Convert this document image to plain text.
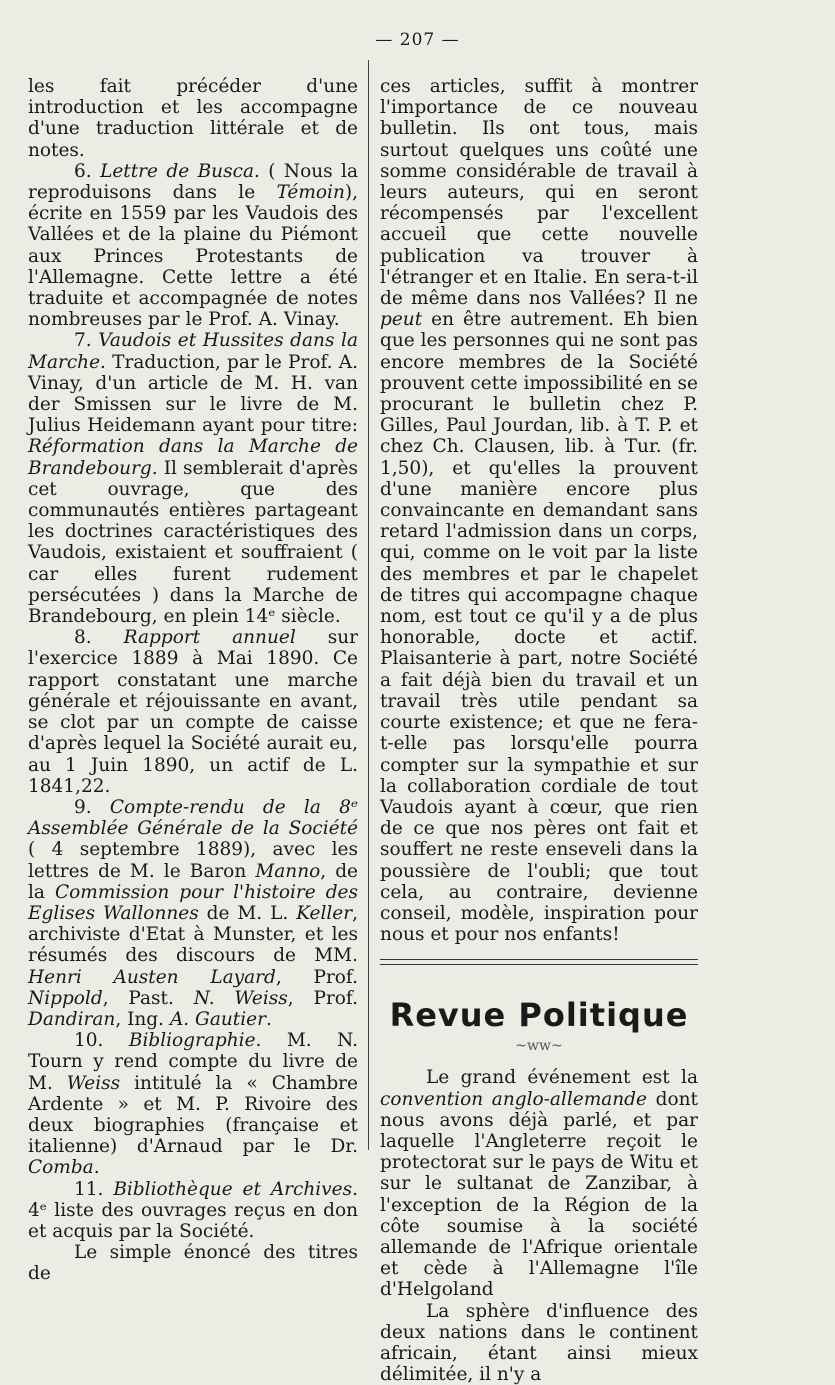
— 207 —

les fait précéder d'une introduction et les accompagne d'une traduction littérale et de notes.

6. Lettre de Busca. ( Nous la reproduisons dans le Témoin), écrite en 1559 par les Vaudois des Vallées et de la plaine du Piémont aux Princes Protestants de l'Allemagne. Cette lettre a été traduite et accompagnée de notes nombreuses par le Prof. A. Vinay.

7. Vaudois et Hussites dans la Marche. Traduction, par le Prof. A. Vinay, d'un article de M. H. van der Smissen sur le livre de M. Julius Heidemann ayant pour titre: Réformation dans la Marche de Brandebourg. Il semblerait d'après cet ouvrage, que des communautés entières partageant les doctrines caractéristiques des Vaudois, existaient et souffraient ( car elles furent rudement persécutées ) dans la Marche de Brandebourg, en plein 14ᵉ siècle.

8. Rapport annuel sur l'exercice 1889 à Mai 1890. Ce rapport constatant une marche générale et réjouissante en avant, se clot par un compte de caisse d'après lequel la Société aurait eu, au 1 Juin 1890, un actif de L. 1841,22.

9. Compte-rendu de la 8ᵉ Assemblée Générale de la Société ( 4 septembre 1889), avec les lettres de M. le Baron Manno, de la Commission pour l'histoire des Eglises Wallonnes de M. L. Keller, archiviste d'Etat à Munster, et les résumés des discours de MM. Henri Austen Layard, Prof. Nippold, Past. N. Weiss, Prof. Dandiran, Ing. A. Gautier.

10. Bibliographie. M. N. Tourn y rend compte du livre de M. Weiss intitulé la « Chambre Ardente » et M. P. Rivoire des deux biographies (française et italienne) d'Arnaud par le Dr. Comba.

11. Bibliothèque et Archives. 4ᵉ liste des ouvrages reçus en don et acquis par la Société.

Le simple énoncé des titres de

ces articles, suffit à montrer l'importance de ce nouveau bulletin. Ils ont tous, mais surtout quelques uns coûté une somme considérable de travail à leurs auteurs, qui en seront récompensés par l'excellent accueil que cette nouvelle publication va trouver à l'étranger et en Italie. En sera-t-il de même dans nos Vallées? Il ne peut en être autrement. Eh bien que les personnes qui ne sont pas encore membres de la Société prouvent cette impossibilité en se procurant le bulletin chez P. Gilles, Paul Jourdan, lib. à T. P. et chez Ch. Clausen, lib. à Tur. (fr. 1,50), et qu'elles la prouvent d'une manière encore plus convaincante en demandant sans retard l'admission dans un corps, qui, comme on le voit par la liste des membres et par le chapelet de titres qui accompagne chaque nom, est tout ce qu'il y a de plus honorable, docte et actif. Plaisanterie à part, notre Société a fait déjà bien du travail et un travail très utile pendant sa courte existence; et que ne fera-t-elle pas lorsqu'elle pourra compter sur la sympathie et sur la collaboration cordiale de tout Vaudois ayant à cœur, que rien de ce que nos pères ont fait et souffert ne reste enseveli dans la poussière de l'oubli; que tout cela, au contraire, devienne conseil, modèle, inspiration pour nous et pour nos enfants!

Revue Politique
~ww~

Le grand événement est la convention anglo-allemande dont nous avons déjà parlé, et par laquelle l'Angleterre reçoit le protectorat sur le pays de Witu et sur le sultanat de Zanzibar, à l'exception de la Région de la côte soumise à la société allemande de l'Afrique orientale et cède à l'Allemagne l'île d'Helgoland

La sphère d'influence des deux nations dans le continent africain, étant ainsi mieux délimitée, il n'y a
